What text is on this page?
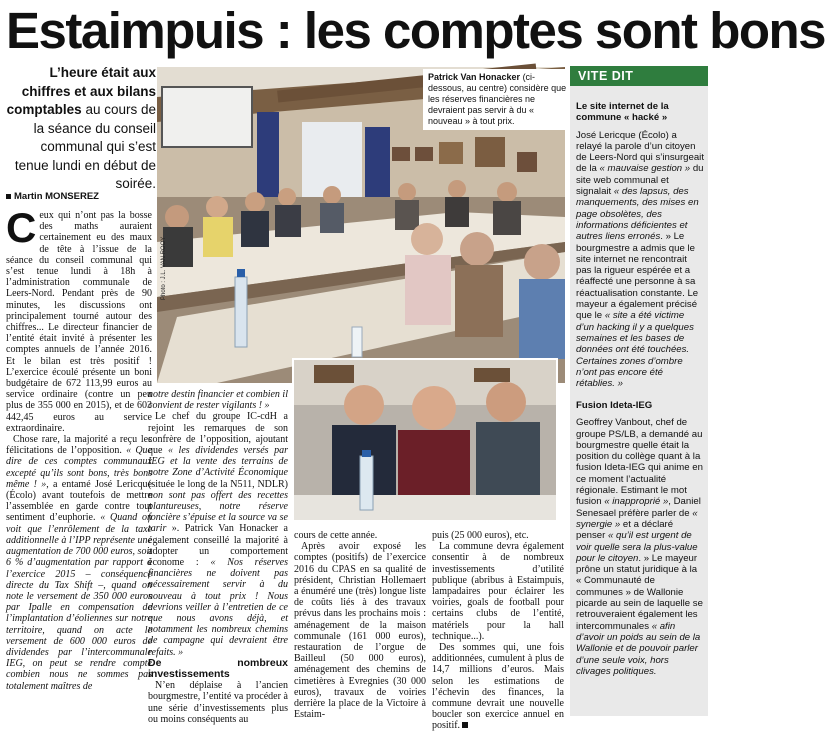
Estaimpuis : les comptes sont bons
L’heure était aux chiffres et aux bilans comptables au cours de la séance du conseil communal qui s’est tenue lundi en début de soirée.
Martin MONSEREZ
Patrick Van Honacker (ci-dessous, au centre) considère que les réserves financières ne devraient pas servir à du « nouveau » à tout prix.
Photo : J.L. VAN ROOY

Ceux qui n’ont pas la bosse des maths auraient certainement eu des maux de tête à l’issue de la séance du conseil communal qui s’est tenue lundi à 18h à l’administration communale de Leers-Nord. Pendant près de 90 minutes, les discussions ont principalement tourné autour des chiffres... Le directeur financier de l’entité était invité à présenter les comptes annuels de l’année 2016. Et le bilan est très positif ! L’exercice écoulé présente un boni budgétaire de 672 113,99 euros au service ordinaire (contre un peu plus de 355 000 en 2015), et de 603 442,45 euros au service extraordinaire.

Chose rare, la majorité a reçu les félicitations de l’opposition. « Que dire de ces comptes communaux excepté qu’ils sont bons, très bons même ! », a entamé José Lericque (Écolo) avant toutefois de mettre l’assemblée en garde contre tout sentiment d’euphorie. « Quand on voit que l’enrôlement de la taxe additionnelle à l’IPP représente une augmentation de 700 000 euros, soit 6 % d’augmentation par rapport à l’exercice 2015 – conséquence directe du Tax Shift –, quand on note le versement de 350 000 euros par Ipalle en compensation de l’implantation d’éoliennes sur notre territoire, quand on acte le versement de 600 000 euros de dividendes par l’intercommunale IEG, on peut se rendre compte combien nous ne sommes pas totalement maîtres de

notre destin financier et combien il convient de rester vigilants ! »

Le chef du groupe IC-cdH a rejoint les remarques de son confrère de l’opposition, ajoutant que « les dividendes versés par IEG et la vente des terrains de notre Zone d’Activité Économique (située le long de la N511, NDLR) non sont pas offert des recettes plantureuses, notre réserve foncière s’épuise et la source va se tarir ». Patrick Van Honacker a également conseillé la majorité à adopter un comportement économe : « Nos réserves financières ne doivent pas nécessairement servir à du nouveau à tout prix ! Nous devrions veiller à l’entretien de ce que nous avons déjà, et notamment les nombreux chemins de campagne qui devraient être refaits. »

De nombreux investissements

N’en déplaise à l’ancien bourgmestre, l’entité va procéder à une série d’investissements plus ou moins conséquents au

cours de cette année.

Après avoir exposé les comptes (positifs) de l’exercice 2016 du CPAS en sa qualité de président, Christian Hollemaert a énuméré une (très) longue liste de coûts liés à des travaux prévus dans les prochains mois : aménagement de la maison communale (161 000 euros), restauration de l’orgue de Bailleul (50 000 euros), aménagement des chemins de cimetières à Evregnies (30 000 euros), travaux de voiries derrière la place de la Victoire à Estaim-

puis (25 000 euros), etc.

La commune devra également consentir à de nombreux investissements d’utilité publique (abribus à Estaimpuis, lampadaires pour éclairer les voiries, goals de football pour certains clubs de l’entité, matériels pour la hall technique...).

Des sommes qui, une fois additionnées, cumulent à plus de 14,7 millions d’euros. Mais selon les estimations de l’échevin des finances, la commune devrait une nouvelle boucler son exercice annuel en positif.

VITE DIT

Le site internet de la commune « hacké »

José Lericque (Écolo) a relayé la parole d’un citoyen de Leers-Nord qui s’insurgeait de la « mauvaise gestion » du site web communal et signalait « des lapsus, des manquements, des mises en page obsolètes, des informations déficientes et autres liens erronés. » Le bourgmestre a admis que le site internet ne rencontrait pas la rigueur espérée et a réaffecté une personne à sa réactualisation constante. Le mayeur a également précisé que le « site a été victime d’un hacking il y a quelques semaines et les bases de données ont été touchées. Certaines zones d’ombre n’ont pas encore été rétablies. »

Fusion Ideta-IEG

Geoffrey Vanbout, chef de groupe PS/LB, a demandé au bourgmestre quelle était la position du collège quant à la fusion Ideta-IEG qui anime en ce moment l’actualité régionale. Estimant le mot fusion « inapproprié », Daniel Senesael préfère parler de « synergie » et a déclaré penser « qu’il est urgent de voir quelle sera la plus-value pour le citoyen. » Le mayeur prône un statut juridique à la « Communauté de communes » de Wallonie picarde au sein de laquelle se retrouveraient également les intercommunales « afin d’avoir un poids au sein de la Wallonie et de pouvoir parler d’une seule voix, hors clivages politiques.
